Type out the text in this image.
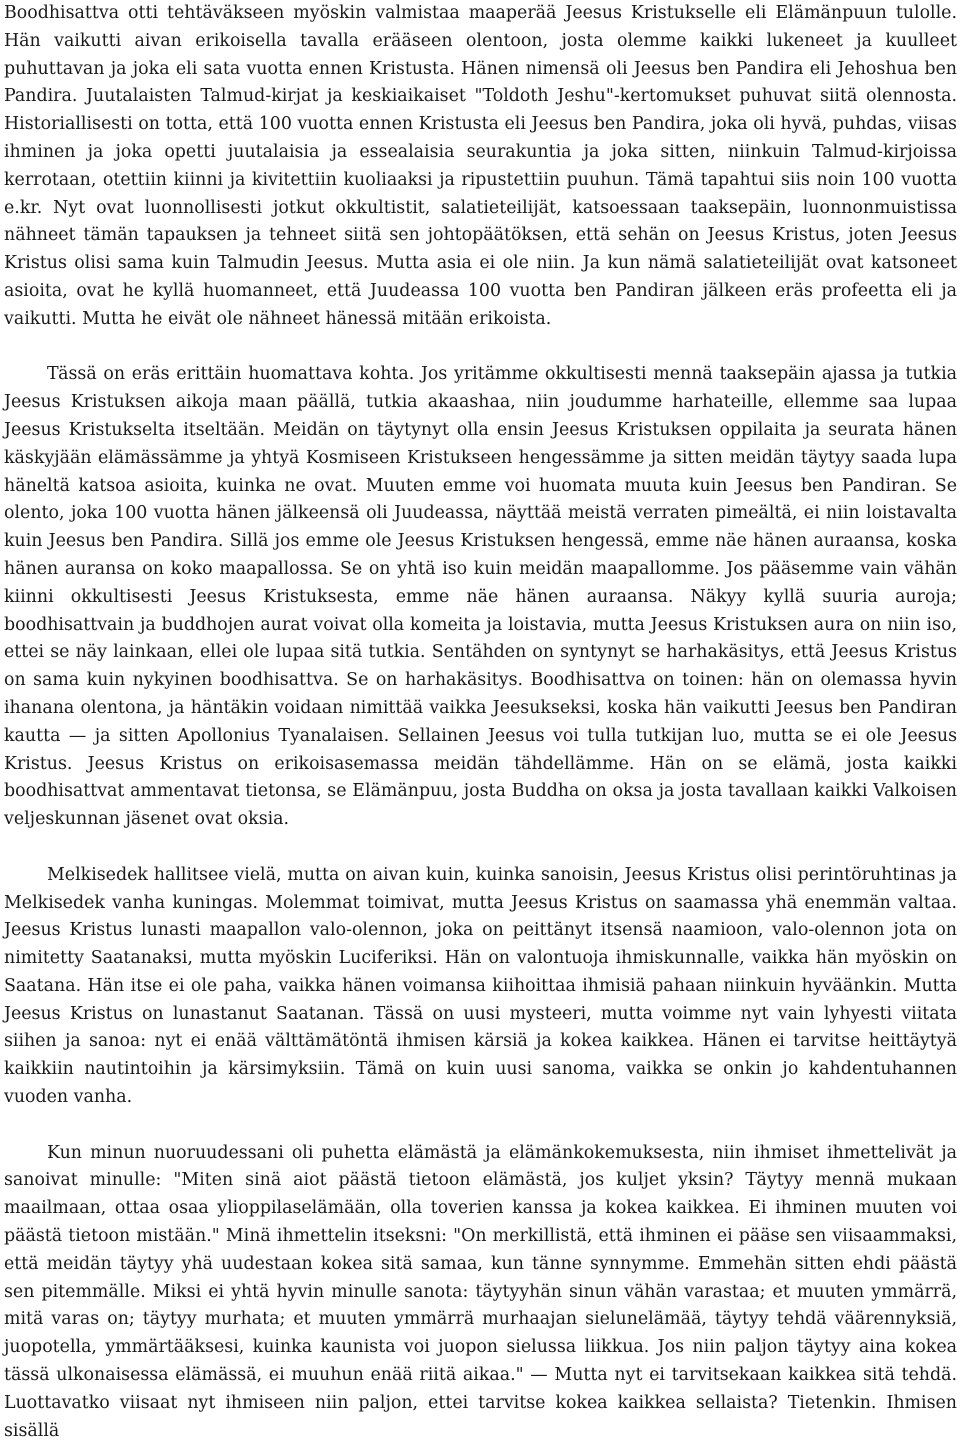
Boodhisattva otti tehtäväkseen myöskin valmistaa maaperää Jeesus Kristukselle eli Elämänpuun tulolle. Hän vaikutti aivan erikoisella tavalla erääseen olentoon, josta olemme kaikki lukeneet ja kuulleet puhuttavan ja joka eli sata vuotta ennen Kristusta. Hänen nimensä oli Jeesus ben Pandira eli Jehoshua ben Pandira. Juutalaisten Talmud-kirjat ja keskiaikaiset "Toldoth Jeshu"-kertomukset puhuvat siitä olennosta. Historiallisesti on totta, että 100 vuotta ennen Kristusta eli Jeesus ben Pandira, joka oli hyvä, puhdas, viisas ihminen ja joka opetti juutalaisia ja essealaisia seurakuntia ja joka sitten, niinkuin Talmud-kirjoissa kerrotaan, otettiin kiinni ja kivitettiin kuoliaaksi ja ripustettiin puuhun. Tämä tapahtui siis noin 100 vuotta e.kr. Nyt ovat luonnollisesti jotkut okkultistit, salatieteilijät, katsoessaan taaksepäin, luonnonmuistissa nähneet tämän tapauksen ja tehneet siitä sen johtopäätöksen, että sehän on Jeesus Kristus, joten Jeesus Kristus olisi sama kuin Talmudin Jeesus. Mutta asia ei ole niin. Ja kun nämä salatieteilijät ovat katsoneet asioita, ovat he kyllä huomanneet, että Juudeassa 100 vuotta ben Pandiran jälkeen eräs profeetta eli ja vaikutti. Mutta he eivät ole nähneet hänessä mitään erikoista.

Tässä on eräs erittäin huomattava kohta. Jos yritämme okkultisesti mennä taaksepäin ajassa ja tutkia Jeesus Kristuksen aikoja maan päällä, tutkia akaashaa, niin joudumme harhateille, ellemme saa lupaa Jeesus Kristukselta itseltään. Meidän on täytynyt olla ensin Jeesus Kristuksen oppilaita ja seurata hänen käskyjään elämässämme ja yhtyä Kosmiseen Kristukseen hengessämme ja sitten meidän täytyy saada lupa häneltä katsoa asioita, kuinka ne ovat. Muuten emme voi huomata muuta kuin Jeesus ben Pandiran. Se olento, joka 100 vuotta hänen jälkeensä oli Juudeassa, näyttää meistä verraten pimeältä, ei niin loistavalta kuin Jeesus ben Pandira. Sillä jos emme ole Jeesus Kristuksen hengessä, emme näe hänen auraansa, koska hänen auransa on koko maapallossa. Se on yhtä iso kuin meidän maapallomme. Jos pääsemme vain vähän kiinni okkultisesti Jeesus Kristuksesta, emme näe hänen auraansa. Näkyy kyllä suuria auroja; boodhisattvain ja buddhojen aurat voivat olla komeita ja loistavia, mutta Jeesus Kristuksen aura on niin iso, ettei se näy lainkaan, ellei ole lupaa sitä tutkia. Sentähden on syntynyt se harhakäsitys, että Jeesus Kristus on sama kuin nykyinen boodhisattva. Se on harhakäsitys. Boodhisattva on toinen: hän on olemassa hyvin ihanana olentona, ja häntäkin voidaan nimittää vaikka Jeesukseksi, koska hän vaikutti Jeesus ben Pandiran kautta — ja sitten Apollonius Tyanalaisen. Sellainen Jeesus voi tulla tutkijan luo, mutta se ei ole Jeesus Kristus. Jeesus Kristus on erikoisasemassa meidän tähdellämme. Hän on se elämä, josta kaikki boodhisattvat ammentavat tietonsa, se Elämänpuu, josta Buddha on oksa ja josta tavallaan kaikki Valkoisen veljeskunnan jäsenet ovat oksia.

Melkisedek hallitsee vielä, mutta on aivan kuin, kuinka sanoisin, Jeesus Kristus olisi perintöruhtinas ja Melkisedek vanha kuningas. Molemmat toimivat, mutta Jeesus Kristus on saamassa yhä enemmän valtaa. Jeesus Kristus lunasti maapallon valo-olennon, joka on peittänyt itsensä naamioon, valo-olennon jota on nimitetty Saatanaksi, mutta myöskin Luciferiksi. Hän on valontuoja ihmiskunnalle, vaikka hän myöskin on Saatana. Hän itse ei ole paha, vaikka hänen voimansa kiihoittaa ihmisiä pahaan niinkuin hyväänkin. Mutta Jeesus Kristus on lunastanut Saatanan. Tässä on uusi mysteeri, mutta voimme nyt vain lyhyesti viitata siihen ja sanoa: nyt ei enää välttämätöntä ihmisen kärsiä ja kokea kaikkea. Hänen ei tarvitse heittäytyä kaikkiin nautintoihin ja kärsimyksiin. Tämä on kuin uusi sanoma, vaikka se onkin jo kahdentuhannen vuoden vanha.

Kun minun nuoruudessani oli puhetta elämästä ja elämänkokemuksesta, niin ihmiset ihmettelivät ja sanoivat minulle: "Miten sinä aiot päästä tietoon elämästä, jos kuljet yksin? Täytyy mennä mukaan maailmaan, ottaa osaa ylioppilaselämään, olla toverien kanssa ja kokea kaikkea. Ei ihminen muuten voi päästä tietoon mistään." Minä ihmettelin itseksni: "On merkillistä, että ihminen ei pääse sen viisaammaksi, että meidän täytyy yhä uudestaan kokea sitä samaa, kun tänne synnymme. Emmehän sitten ehdi päästä sen pitemmälle. Miksi ei yhtä hyvin minulle sanota: täytyyhän sinun vähän varastaa; et muuten ymmärrä, mitä varas on; täytyy murhata; et muuten ymmärrä murhaajan sielunelämää, täytyy tehdä väärennyksiä, juopotella, ymmärtääksesi, kuinka kaunista voi juopon sielussa liikkua. Jos niin paljon täytyy aina kokea tässä ulkonaisessa elämässä, ei muuhun enää riitä aikaa." — Mutta nyt ei tarvitsekaan kaikkea sitä tehdä. Luottavatko viisaat nyt ihmiseen niin paljon, ettei tarvitse kokea kaikkea sellaista? Tietenkin. Ihmisen sisällä
